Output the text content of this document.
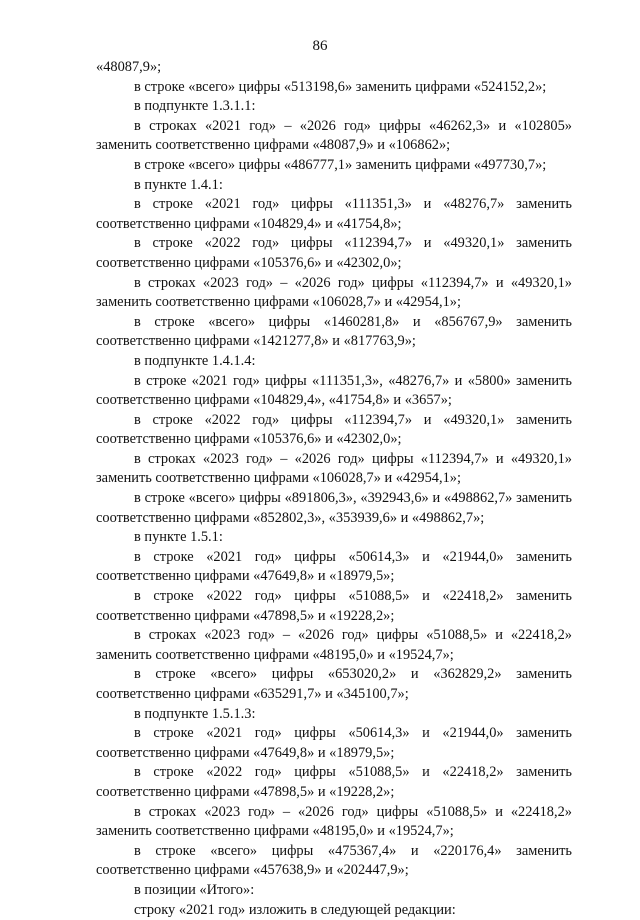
86

«48087,9»;

в строке «всего» цифры «513198,6» заменить цифрами «524152,2»;

в подпункте 1.3.1.1:

в строках «2021 год» – «2026 год» цифры «46262,3» и «102805» заменить соответственно цифрами «48087,9» и «106862»;

в строке «всего» цифры «486777,1» заменить цифрами «497730,7»;

в пункте 1.4.1:

в строке «2021 год» цифры «111351,3» и «48276,7» заменить соответственно цифрами «104829,4» и «41754,8»;

в строке «2022 год» цифры «112394,7» и «49320,1» заменить соответственно цифрами «105376,6» и «42302,0»;

в строках «2023 год» – «2026 год» цифры «112394,7» и «49320,1» заменить соответственно цифрами «106028,7» и «42954,1»;

в строке «всего» цифры «1460281,8» и «856767,9» заменить соответственно цифрами «1421277,8» и «817763,9»;

в подпункте 1.4.1.4:

в строке «2021 год» цифры «111351,3», «48276,7» и «5800» заменить соответственно цифрами «104829,4», «41754,8» и «3657»;

в строке «2022 год» цифры «112394,7» и «49320,1» заменить соответственно цифрами «105376,6» и «42302,0»;

в строках «2023 год» – «2026 год» цифры «112394,7» и «49320,1» заменить соответственно цифрами «106028,7» и «42954,1»;

в строке «всего» цифры «891806,3», «392943,6» и «498862,7» заменить соответственно цифрами «852802,3», «353939,6» и «498862,7»;

в пункте 1.5.1:

в строке «2021 год» цифры «50614,3» и «21944,0» заменить соответственно цифрами «47649,8» и «18979,5»;

в строке «2022 год» цифры «51088,5» и «22418,2» заменить соответственно цифрами «47898,5» и «19228,2»;

в строках «2023 год» – «2026 год» цифры «51088,5» и «22418,2» заменить соответственно цифрами «48195,0» и «19524,7»;

в строке «всего» цифры «653020,2» и «362829,2» заменить соответственно цифрами «635291,7» и «345100,7»;

в подпункте 1.5.1.3:

в строке «2021 год» цифры «50614,3» и «21944,0» заменить соответственно цифрами «47649,8» и «18979,5»;

в строке «2022 год» цифры «51088,5» и «22418,2» заменить соответственно цифрами «47898,5» и «19228,2»;

в строках «2023 год» – «2026 год» цифры «51088,5» и «22418,2» заменить соответственно цифрами «48195,0» и «19524,7»;

в строке «всего» цифры «475367,4» и «220176,4» заменить соответственно цифрами «457638,9» и «202447,9»;

в позиции «Итого»:

строку «2021 год» изложить в следующей редакции:
